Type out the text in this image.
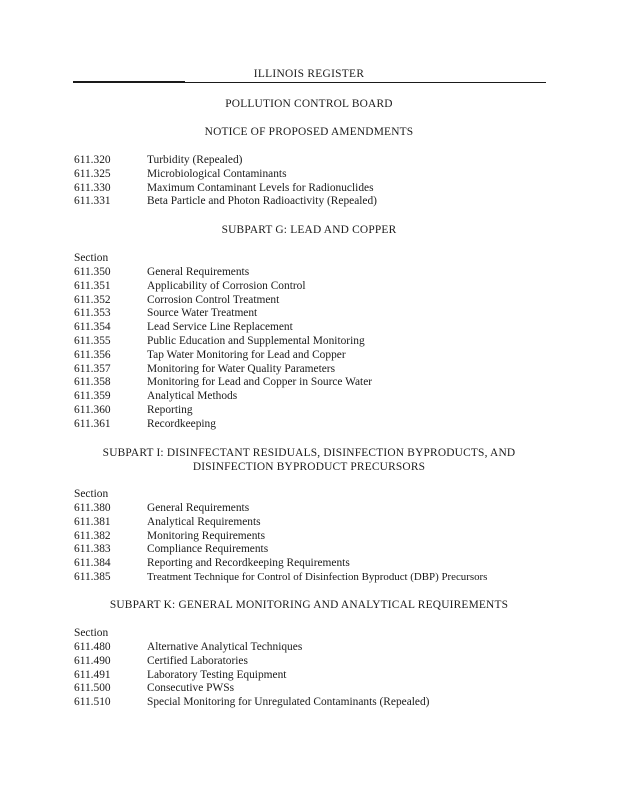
ILLINOIS REGISTER
POLLUTION CONTROL BOARD
NOTICE OF PROPOSED AMENDMENTS
611.320	Turbidity (Repealed)
611.325	Microbiological Contaminants
611.330	Maximum Contaminant Levels for Radionuclides
611.331	Beta Particle and Photon Radioactivity (Repealed)
SUBPART G: LEAD AND COPPER
Section
611.350	General Requirements
611.351	Applicability of Corrosion Control
611.352	Corrosion Control Treatment
611.353	Source Water Treatment
611.354	Lead Service Line Replacement
611.355	Public Education and Supplemental Monitoring
611.356	Tap Water Monitoring for Lead and Copper
611.357	Monitoring for Water Quality Parameters
611.358	Monitoring for Lead and Copper in Source Water
611.359	Analytical Methods
611.360	Reporting
611.361	Recordkeeping
SUBPART I: DISINFECTANT RESIDUALS, DISINFECTION BYPRODUCTS, AND
DISINFECTION BYPRODUCT PRECURSORS
Section
611.380	General Requirements
611.381	Analytical Requirements
611.382	Monitoring Requirements
611.383	Compliance Requirements
611.384	Reporting and Recordkeeping Requirements
611.385	Treatment Technique for Control of Disinfection Byproduct (DBP) Precursors
SUBPART K: GENERAL MONITORING AND ANALYTICAL REQUIREMENTS
Section
611.480	Alternative Analytical Techniques
611.490	Certified Laboratories
611.491	Laboratory Testing Equipment
611.500	Consecutive PWSs
611.510	Special Monitoring for Unregulated Contaminants (Repealed)
